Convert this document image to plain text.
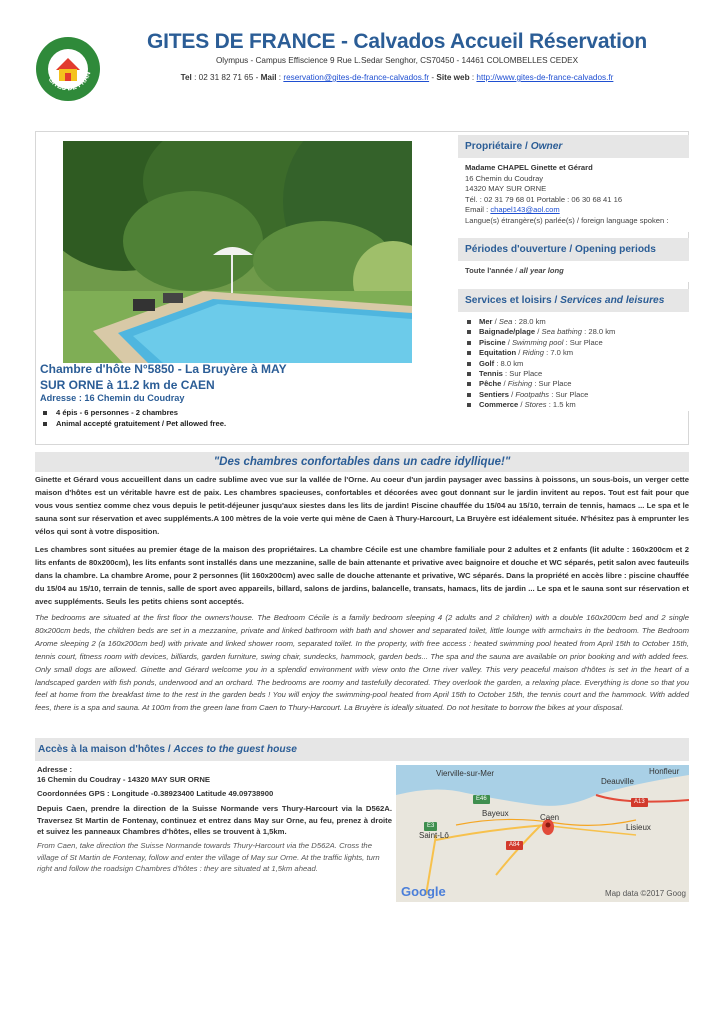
GITES DE FRAN
GITES DE FRANCE - Calvados Accueil Réservation
Olympus - Campus Effiscience 9 Rue L.Sedar Senghor, CS70450 - 14461 COLOMBELLES CEDEX
Tel : 02 31 82 71 65 - Mail : reservation@gites-de-france-calvados.fr - Site web : http://www.gites-de-france-calvados.fr
Chambre d'hôte N°5850 - La Bruyère à MAY SUR ORNE à 11.2 km de CAEN
Adresse : 16 Chemin du Coudray
4 épis - 6 personnes - 2 chambres
Animal accepté gratuitement / Pet allowed free.
Propriétaire / Owner
Madame CHAPEL Ginette et Gérard
16 Chemin du Coudray
14320 MAY SUR ORNE
Tél. : 02 31 79 68 01 Portable : 06 30 68 41 16
Email : chapel143@aol.com
Langue(s) étrangère(s) parlée(s) / foreign language spoken :
Périodes d'ouverture / Opening periods
Toute l'année / all year long
Services et loisirs / Services and leisures
Mer / Sea : 28.0 km
Baignade/plage / Sea bathing : 28.0 km
Piscine / Swimming pool : Sur Place
Equitation / Riding : 7.0 km
Golf : 8.0 km
Tennis : Sur Place
Pêche / Fishing : Sur Place
Sentiers / Footpaths : Sur Place
Commerce / Stores : 1.5 km
"Des chambres confortables dans un cadre idyllique!"

Ginette et Gérard vous accueillent dans un cadre sublime avec vue sur la vallée de l'Orne. Au coeur d'un jardin paysager avec bassins à poissons, un sous-bois, un verger cette maison d'hôtes est un véritable havre est de paix. Les chambres spacieuses, confortables et décorées avec gout donnant sur le jardin invitent au repos. Tout est fait pour que vous vous sentiez comme chez vous depuis le petit-déjeuner jusqu'aux siestes dans les lits de jardin! Piscine chauffée du 15/04 au 15/10, terrain de tennis, hamacs ... Le spa et le sauna sont sur réservation et avec suppléments.A 100 mètres de la voie verte qui mène de Caen à Thury-Harcourt, La Bruyère est idéalement située. N'hésitez pas à emprunter les vélos qui sont à votre disposition.

Les chambres sont situées au premier étage de la maison des propriétaires. La chambre Cécile est une chambre familiale pour 2 adultes et 2 enfants (lit adulte : 160x200cm et 2 lits enfants de 80x200cm), les lits enfants sont installés dans une mezzanine, salle de bain attenante et privative avec baignoire et douche et WC séparés, petit salon avec fauteuils dans la chambre. La chambre Arome, pour 2 personnes (lit 160x200cm) avec salle de douche attenante et privative, WC séparés. Dans la propriété en accès libre : piscine chauffée du 15/04 au 15/10, terrain de tennis, salle de sport avec appareils, billard, salons de jardins, balancelle, transats, hamacs, lits de jardin ... Le spa et le sauna sont sur réservation et avec suppléments. Seuls les petits chiens sont acceptés.

The bedrooms are situated at the first floor the owners'house. The Bedroom Cécile is a family bedroom sleeping 4 (2 adults and 2 children) with a double 160x200cm bed and 2 single 80x200cm beds, the children beds are set in a mezzanine, private and linked bathroom with bath and shower and separated toilet, little lounge with armchairs in the bedroom. The Bedroom Arome sleeping 2 (a 160x200cm bed) with private and linked shower room, separated toilet. In the property, with free access : heated swimming pool heated from April 15th to October 15th, tennis court, fitness room with devices, billiards, garden furniture, swing chair, sundecks, hammock, garden beds... The spa and the sauna are available on prior booking and with added fees. Only small dogs are allowed. Ginette and Gérard welcome you in a splendid environment with view onto the Orne river valley. This very peaceful maison d'hôtes is set in the heart of a landscaped garden with fish ponds, underwood and an orchard. The bedrooms are roomy and tastefully decorated. They overlook the garden, a relaxing place. Everything is done so that you feel at home from the breakfast time to the rest in the garden beds ! You will enjoy the swimming-pool heated from April 15th to October 15th, the tennis court and the hammock. With added fees, there is a spa and sauna. At 100m from the green lane from Caen to Thury-Harcourt. La Bruyère is ideally situated. Do not hesitate to borrow the bikes at your disposal.

Accès à la maison d'hôtes / Acces to the guest house
Adresse :
16 Chemin du Coudray - 14320 MAY SUR ORNE
Coordonnées GPS : Longitude -0.38923400 Latitude 49.09738900
Depuis Caen, prendre la direction de la Suisse Normande vers Thury-Harcourt via la D562A. Traversez St Martin de Fontenay, continuez et entrez dans May sur Orne, au feu, prenez à droite et suivez les panneaux Chambres d'hôtes, elles se trouvent à 1,5km.
From Caen, take direction the Suisse Normande towards Thury-Harcourt via the D562A. Cross the village of St Martin de Fontenay, follow and enter the village of May sur Orne. At the traffic lights, turn right and follow the roadsign Chambres d'hôtes : they are situated at 1,5km ahead.
Vierville-sur-Mer	Honfleur
Deauville
Bayeux	Caen
Lisieux
Saint-Lô
E46	A13
E3
A84
Google	Map data ©2017 Goog
